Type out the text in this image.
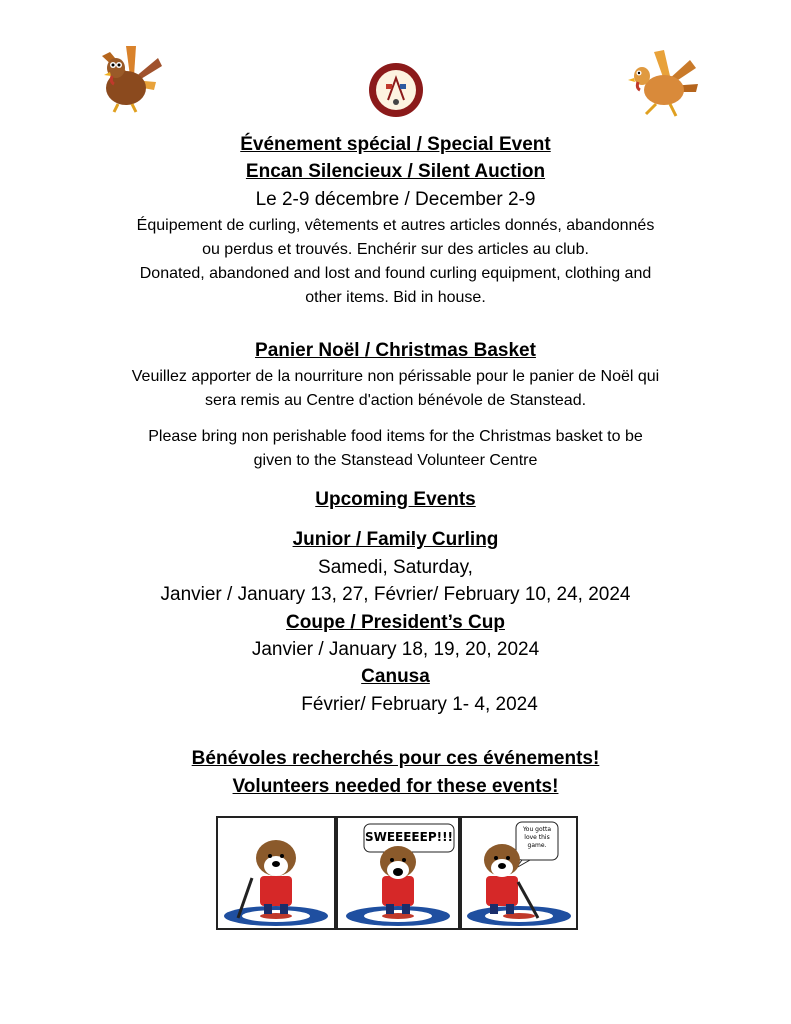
Événement spécial / Special Event
Encan Silencieux / Silent Auction
Le 2-9 décembre / December 2-9
Équipement de curling, vêtements et autres articles donnés, abandonnés
ou perdus et trouvés. Enchérir sur des articles au club.
Donated, abandoned and lost and found curling equipment, clothing and
other items. Bid in house.
Panier Noël / Christmas Basket
Veuillez apporter de la nourriture non périssable pour le panier de Noël qui
sera remis au Centre d'action bénévole de Stanstead.
Please bring non perishable food items for the Christmas basket to be
given to the Stanstead Volunteer Centre
Upcoming Events
Junior / Family Curling
Samedi, Saturday,
Janvier / January 13, 27, Février/ February 10, 24, 2024
Coupe / President’s Cup
Janvier / January 18, 19, 20, 2024
Canusa
Février/ February 1- 4, 2024
Bénévoles recherchés pour ces événements!
Volunteers needed for these events!
SWEEEEEP!!!
You gotta love this game.
